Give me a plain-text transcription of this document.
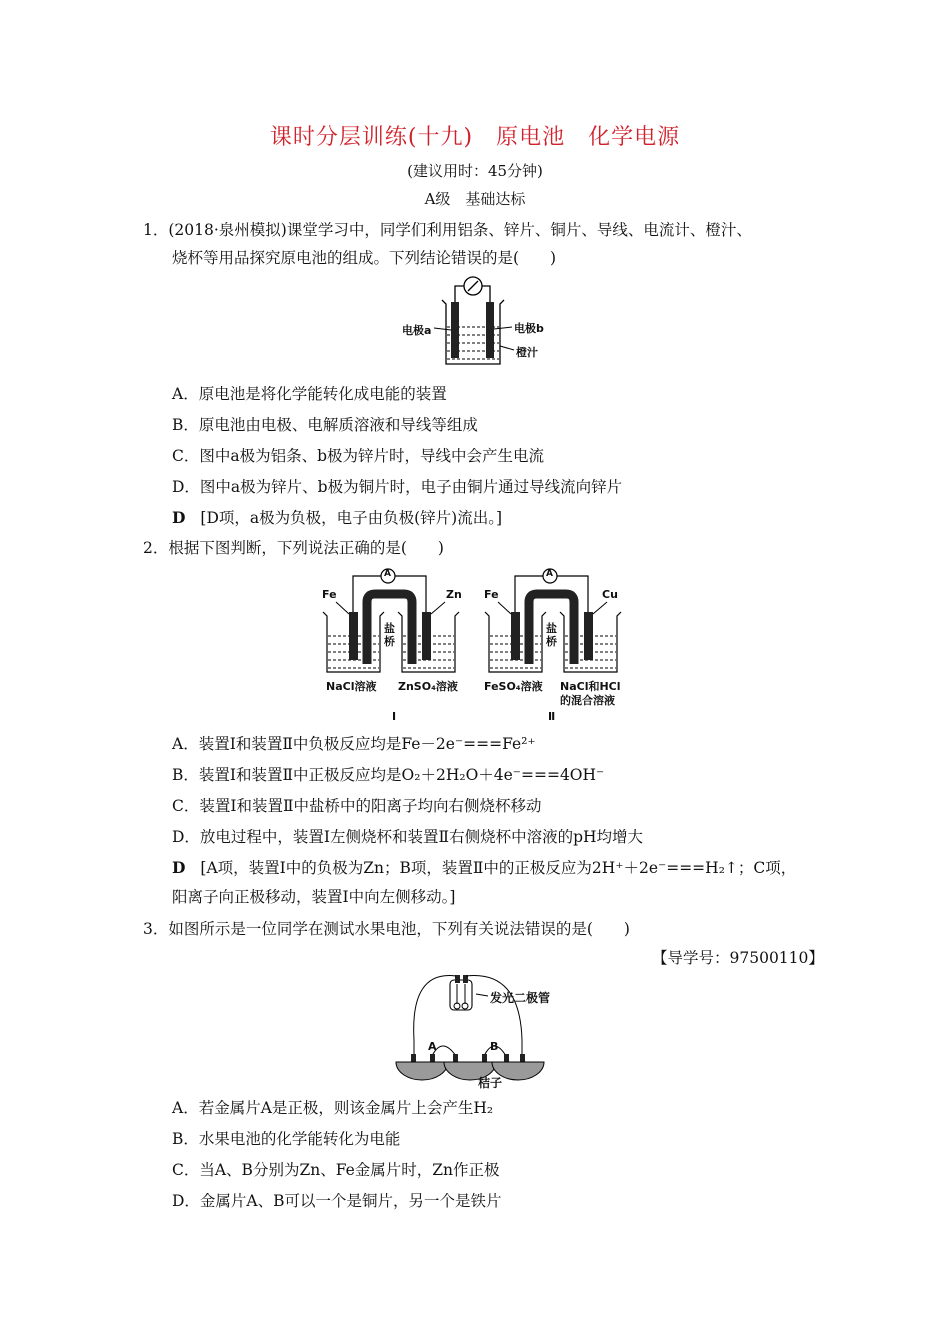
课时分层训练(十九)　原电池　化学电源
(建议用时：45分钟)
A级　基础达标
1．(2018·泉州模拟)课堂学习中，同学们利用铝条、锌片、铜片、导线、电流计、橙汁、
烧杯等用品探究原电池的组成。下列结论错误的是(　　)
电极a	电极b
橙汁
A．原电池是将化学能转化成电能的装置
B．原电池由电极、电解质溶液和导线等组成
C．图中a极为铝条、b极为锌片时，导线中会产生电流
D．图中a极为锌片、b极为铜片时，电子由铜片通过导线流向锌片
D [D项，a极为负极，电子由负极(锌片)流出。]
2．根据下图判断，下列说法正确的是(　　)
A	A
Fe	Zn Fe	Cu
盐桥
盐桥
NaCl溶液 ZnSO₄溶液 FeSO₄溶液 NaCl和HCl
的混合溶液
Ⅰ	Ⅱ
A．装置Ⅰ和装置Ⅱ中负极反应均是Fe－2e⁻===Fe²⁺
B．装置Ⅰ和装置Ⅱ中正极反应均是O₂＋2H₂O＋4e⁻===4OH⁻
C．装置Ⅰ和装置Ⅱ中盐桥中的阳离子均向右侧烧杯移动
D．放电过程中，装置Ⅰ左侧烧杯和装置Ⅱ右侧烧杯中溶液的pH均增大
D [A项，装置Ⅰ中的负极为Zn；B项，装置Ⅱ中的正极反应为2H⁺＋2e⁻===H₂↑；C项，
阳离子向正极移动，装置Ⅰ中向左侧移动。]
3．如图所示是一位同学在测试水果电池，下列有关说法错误的是(　　)
【导学号：97500110】
发光二极管
A	B
桔子
A．若金属片A是正极，则该金属片上会产生H₂
B．水果电池的化学能转化为电能
C．当A、B分别为Zn、Fe金属片时，Zn作正极
D．金属片A、B可以一个是铜片，另一个是铁片
